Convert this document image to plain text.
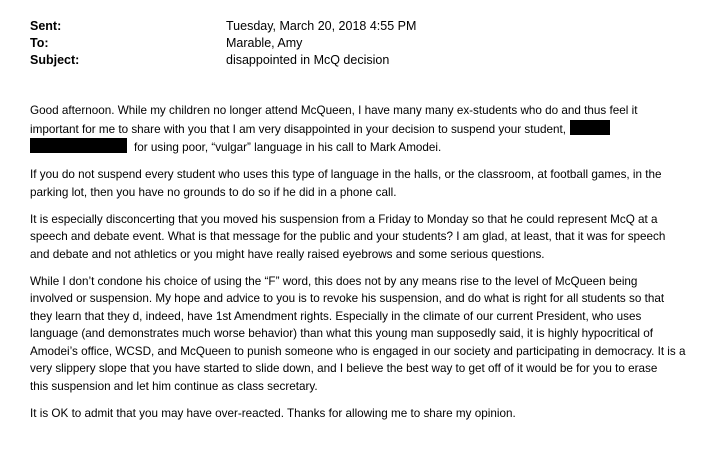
Sent:	Tuesday, March 20, 2018 4:55 PM
To:	Marable, Amy
Subject:	disappointed in McQ decision

Good afternoon. While my children no longer attend McQueen, I have many many ex-students who do and thus feel it
important for me to share with you that I am very disappointed in your decision to suspend your student,
for using poor, “vulgar” language in his call to Mark Amodei.

If you do not suspend every student who uses this type of language in the halls, or the classroom, at football games, in the
parking lot, then you have no grounds to do so if he did in a phone call.

It is especially disconcerting that you moved his suspension from a Friday to Monday so that he could represent McQ at a
speech and debate event. What is that message for the public and your students? I am glad, at least, that it was for speech
and debate and not athletics or you might have really raised eyebrows and some serious questions.

While I don’t condone his choice of using the “F” word, this does not by any means rise to the level of McQueen being
involved or suspension. My hope and advice to you is to revoke his suspension, and do what is right for all students so that
they learn that they d, indeed, have 1st Amendment rights. Especially in the climate of our current President, who uses
language (and demonstrates much worse behavior) than what this young man supposedly said, it is highly hypocritical of
Amodei’s office, WCSD, and McQueen to punish someone who is engaged in our society and participating in democracy. It is a
very slippery slope that you have started to slide down, and I believe the best way to get off of it would be for you to erase
this suspension and let him continue as class secretary.

It is OK to admit that you may have over-reacted. Thanks for allowing me to share my opinion.
